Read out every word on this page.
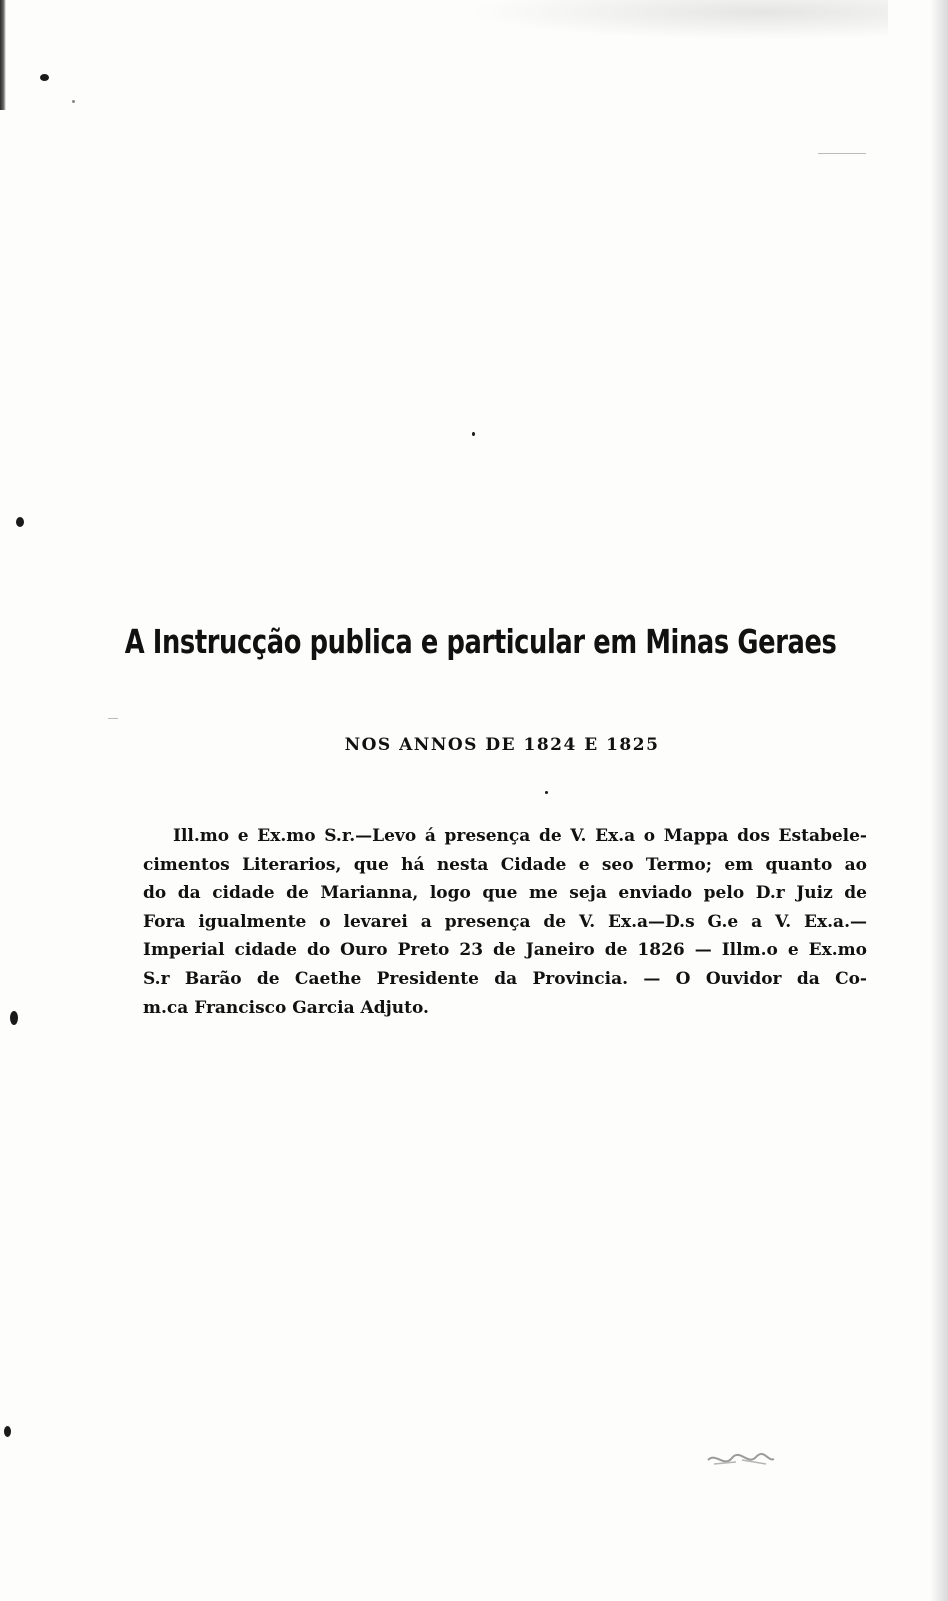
A Instrucção publica e particular em Minas Geraes
NOS ANNOS DE 1824 E 1825
Ill.mo e Ex.mo S.r.—Levo á presença de V. Ex.a o Mappa dos Estabele-
cimentos Literarios, que há nesta Cidade e seo Termo; em quanto ao
do da cidade de Marianna, logo que me seja enviado pelo D.r Juiz de
Fora igualmente o levarei a presença de V. Ex.a—D.s G.e a V. Ex.a.—
Imperial cidade do Ouro Preto 23 de Janeiro de 1826 — Illm.o e Ex.mo
S.r Barão de Caethe Presidente da Provincia. — O Ouvidor da Co-
m.ca Francisco Garcia Adjuto.
